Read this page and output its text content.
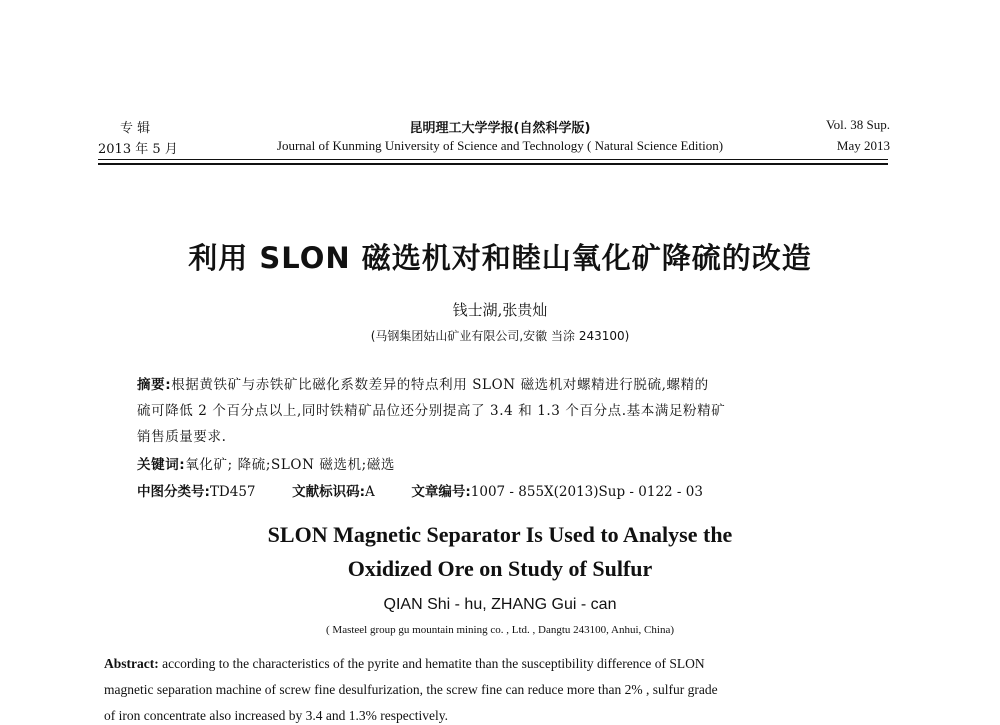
专 辑
2013 年 5 月
昆明理工大学学报(自然科学版)
Journal of Kunming University of Science and Technology ( Natural Science Edition)
Vol. 38 Sup.
May 2013
利用 SLON 磁选机对和睦山氧化矿降硫的改造
钱士湖,张贵灿
(马钢集团姑山矿业有限公司,安徽 当涂 243100)
摘要:根据黄铁矿与赤铁矿比磁化系数差异的特点利用 SLON 磁选机对螺精进行脱硫,螺精的
硫可降低 2 个百分点以上,同时铁精矿品位还分别提高了 3.4 和 1.3 个百分点.基本满足粉精矿
销售质量要求.
关键词:氧化矿; 降硫;SLON 磁选机;磁选
中图分类号:TD457	文献标识码:A	文章编号:1007 - 855X(2013)Sup - 0122 - 03
SLON Magnetic Separator Is Used to Analyse the
Oxidized Ore on Study of Sulfur
QIAN Shi - hu, ZHANG Gui - can
( Masteel group gu mountain mining co. , Ltd. , Dangtu 243100, Anhui, China)
Abstract: according to the characteristics of the pyrite and hematite than the susceptibility difference of SLON
magnetic separation machine of screw fine desulfurization, the screw fine can reduce more than 2% , sulfur grade
of iron concentrate also increased by 3.4 and 1.3% respectively.
